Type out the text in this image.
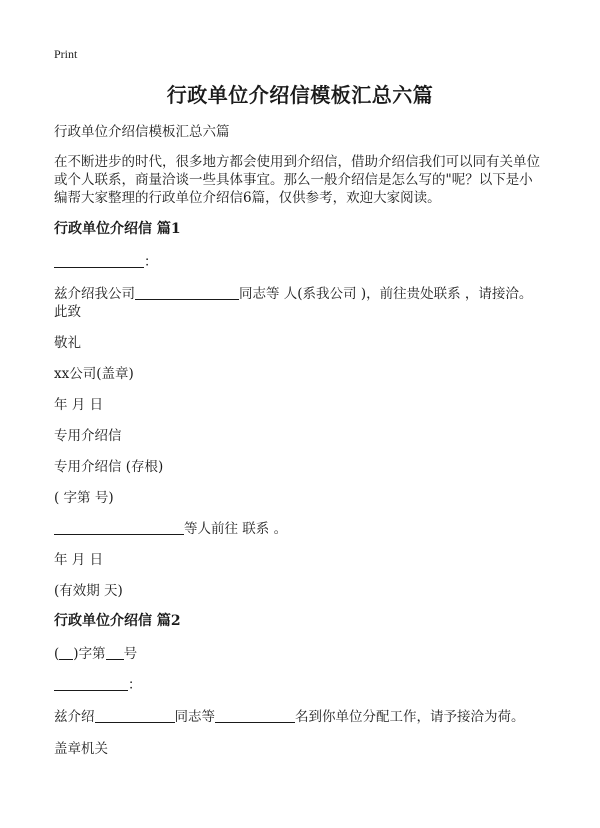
Print
行政单位介绍信模板汇总六篇
行政单位介绍信模板汇总六篇
在不断进步的时代，很多地方都会使用到介绍信，借助介绍信我们可以同有关单位
或个人联系，商量洽谈一些具体事宜。那么一般介绍信是怎么写的"呢？以下是小
编帮大家整理的行政单位介绍信6篇，仅供参考，欢迎大家阅读。
行政单位介绍信 篇1
：
兹介绍我公司	同志等 人(系我公司 )，前往贵处联系 ，请接洽。
此致
敬礼
xx公司(盖章)
年 月 日
专用介绍信
专用介绍信 (存根)
( 字第 号)
等人前往 联系 。
年 月 日
(有效期 天)
行政单位介绍信 篇2
( )字第 号
：
兹介绍	同志等	名到你单位分配工作，请予接洽为荷。
盖章机关
